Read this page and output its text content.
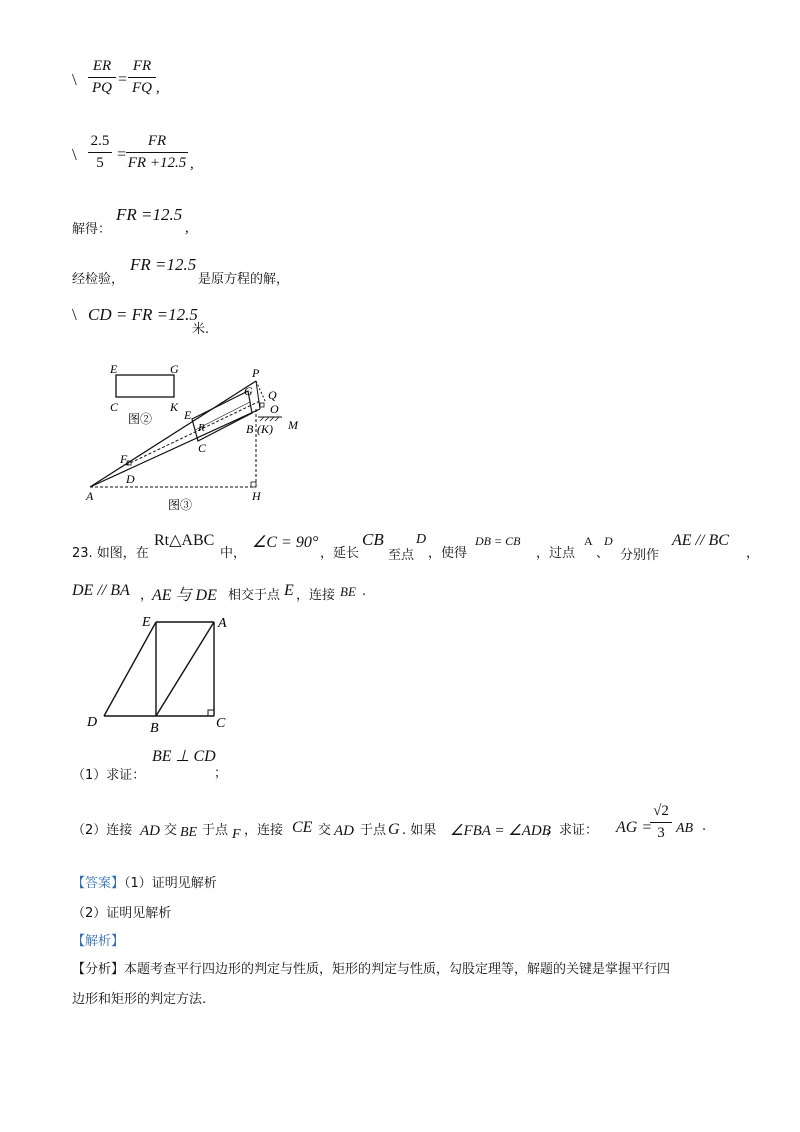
\
ER
PQ =
FR
FQ ,
\
2.5
5 =
FR
FR +12.5 ,
解得：
FR =12.5
,
经检验，
FR =12.5
是原方程的解，
\ CD = FR =12.5
米.
E	G
C	K
图②
P
G Q
O
E
R	B (K) M
C
F
D
A	H
图③
23. 如图，在
Rt△ABC
中，
∠C = 90°
，延长
CB
至点
D
，使得
DB = CB
，过点
A
、
D
分别作
AE // BC
，
DE // BA ，
AE 与 DE 相交于点 E ，连接 BE .
E	A
D	B	C
（1）求证：
BE ⊥ CD
；
（2）连接 AD 交 BE 于点 F ，连接 CE 交 AD 于点 G . 如果 ∠FBA = ∠ADB
，求证： AG =
√2
3 AB .
【答案】（1）证明见解析
（2）证明见解析
【解析】
【分析】本题考查平行四边形的判定与性质，矩形的判定与性质，勾股定理等，解题的关键是掌握平行四
边形和矩形的判定方法.
